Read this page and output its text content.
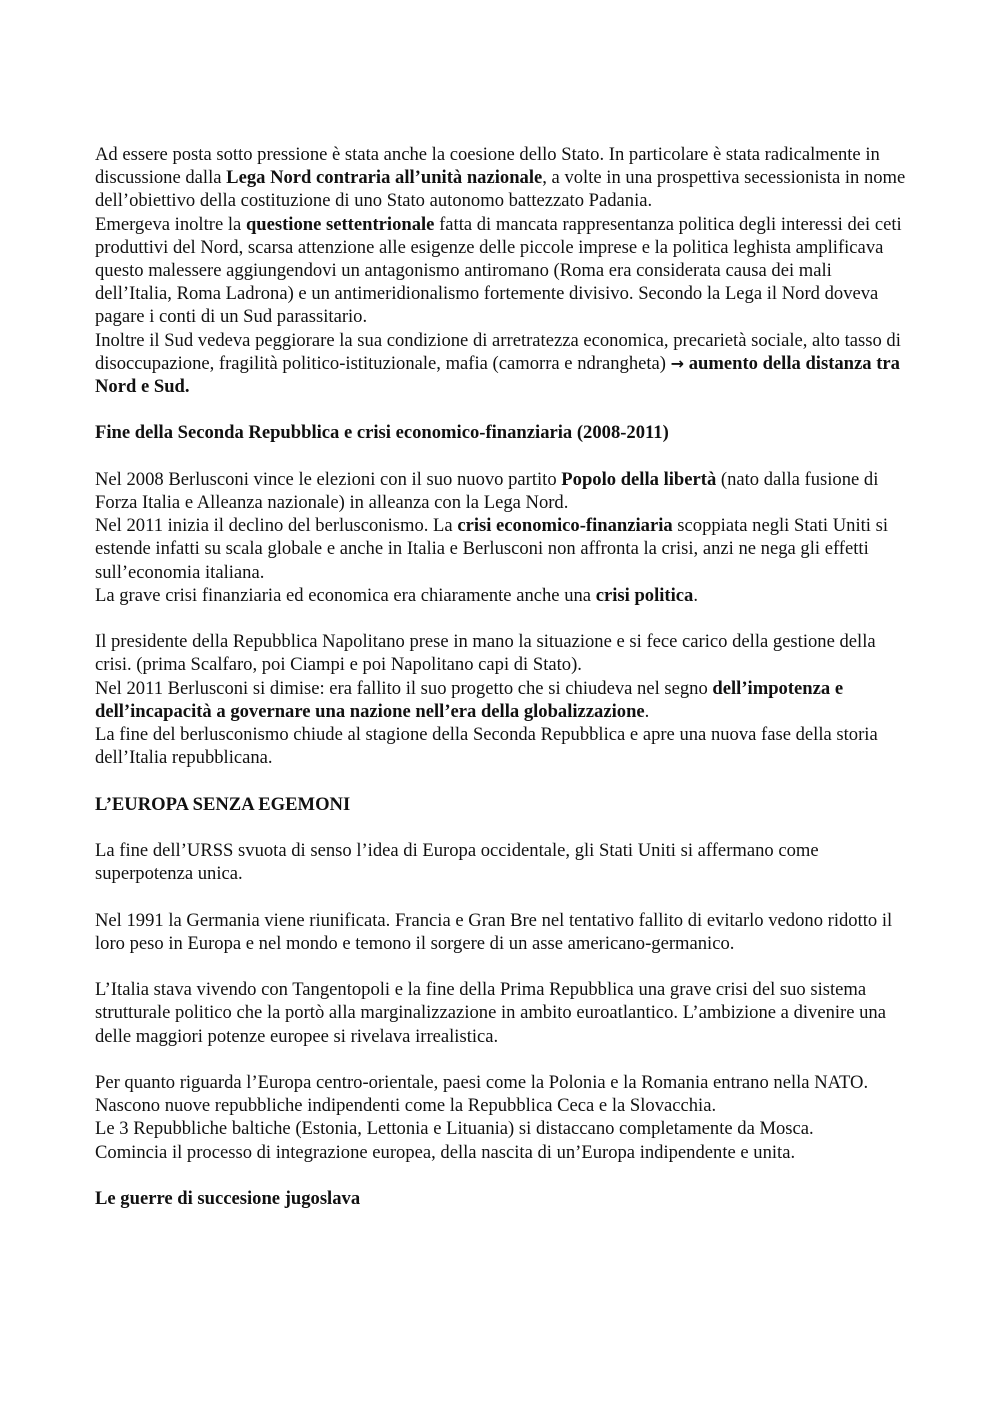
Ad essere posta sotto pressione è stata anche la coesione dello Stato. In particolare è stata radicalmente in discussione dalla Lega Nord contraria all’unità nazionale, a volte in una prospettiva secessionista in nome dell’obiettivo della costituzione di uno Stato autonomo battezzato Padania.

Emergeva inoltre la questione settentrionale fatta di mancata rappresentanza politica degli interessi dei ceti produttivi del Nord, scarsa attenzione alle esigenze delle piccole imprese e la politica leghista amplificava questo malessere aggiungendovi un antagonismo antiromano (Roma era considerata causa dei mali dell’Italia, Roma Ladrona) e un antimeridionalismo fortemente divisivo. Secondo la Lega il Nord doveva pagare i conti di un Sud parassitario.

Inoltre il Sud vedeva peggiorare la sua condizione di arretratezza economica, precarietà sociale, alto tasso di disoccupazione, fragilità politico-istituzionale, mafia (camorra e ndrangheta) → aumento della distanza tra Nord e Sud.

Fine della Seconda Repubblica e crisi economico-finanziaria (2008-2011)

Nel 2008 Berlusconi vince le elezioni con il suo nuovo partito Popolo della libertà (nato dalla fusione di Forza Italia e Alleanza nazionale) in alleanza con la Lega Nord.

Nel 2011 inizia il declino del berlusconismo. La crisi economico-finanziaria scoppiata negli Stati Uniti si estende infatti su scala globale e anche in Italia e Berlusconi non affronta la crisi, anzi ne nega gli effetti sull’economia italiana.

La grave crisi finanziaria ed economica era chiaramente anche una crisi politica.

Il presidente della Repubblica Napolitano prese in mano la situazione e si fece carico della gestione della crisi. (prima Scalfaro, poi Ciampi e poi Napolitano capi di Stato).

Nel 2011 Berlusconi si dimise: era fallito il suo progetto che si chiudeva nel segno dell’impotenza e dell’incapacità a governare una nazione nell’era della globalizzazione.

La fine del berlusconismo chiude al stagione della Seconda Repubblica e apre una nuova fase della storia dell’Italia repubblicana.

L’EUROPA SENZA EGEMONI

La fine dell’URSS svuota di senso l’idea di Europa occidentale, gli Stati Uniti si affermano come superpotenza unica.

Nel 1991 la Germania viene riunificata. Francia e Gran Bre nel tentativo fallito di evitarlo vedono ridotto il loro peso in Europa e nel mondo e temono il sorgere di un asse americano-germanico.

L’Italia stava vivendo con Tangentopoli e la fine della Prima Repubblica una grave crisi del suo sistema strutturale politico che la portò alla marginalizzazione in ambito euroatlantico. L’ambizione a divenire una delle maggiori potenze europee si rivelava irrealistica.

Per quanto riguarda l’Europa centro-orientale, paesi come la Polonia e la Romania entrano nella NATO.

Nascono nuove repubbliche indipendenti come la Repubblica Ceca e la Slovacchia.

Le 3 Repubbliche baltiche (Estonia, Lettonia e Lituania) si distaccano completamente da Mosca.

Comincia il processo di integrazione europea, della nascita di un’Europa indipendente e unita.

Le guerre di succesione jugoslava
